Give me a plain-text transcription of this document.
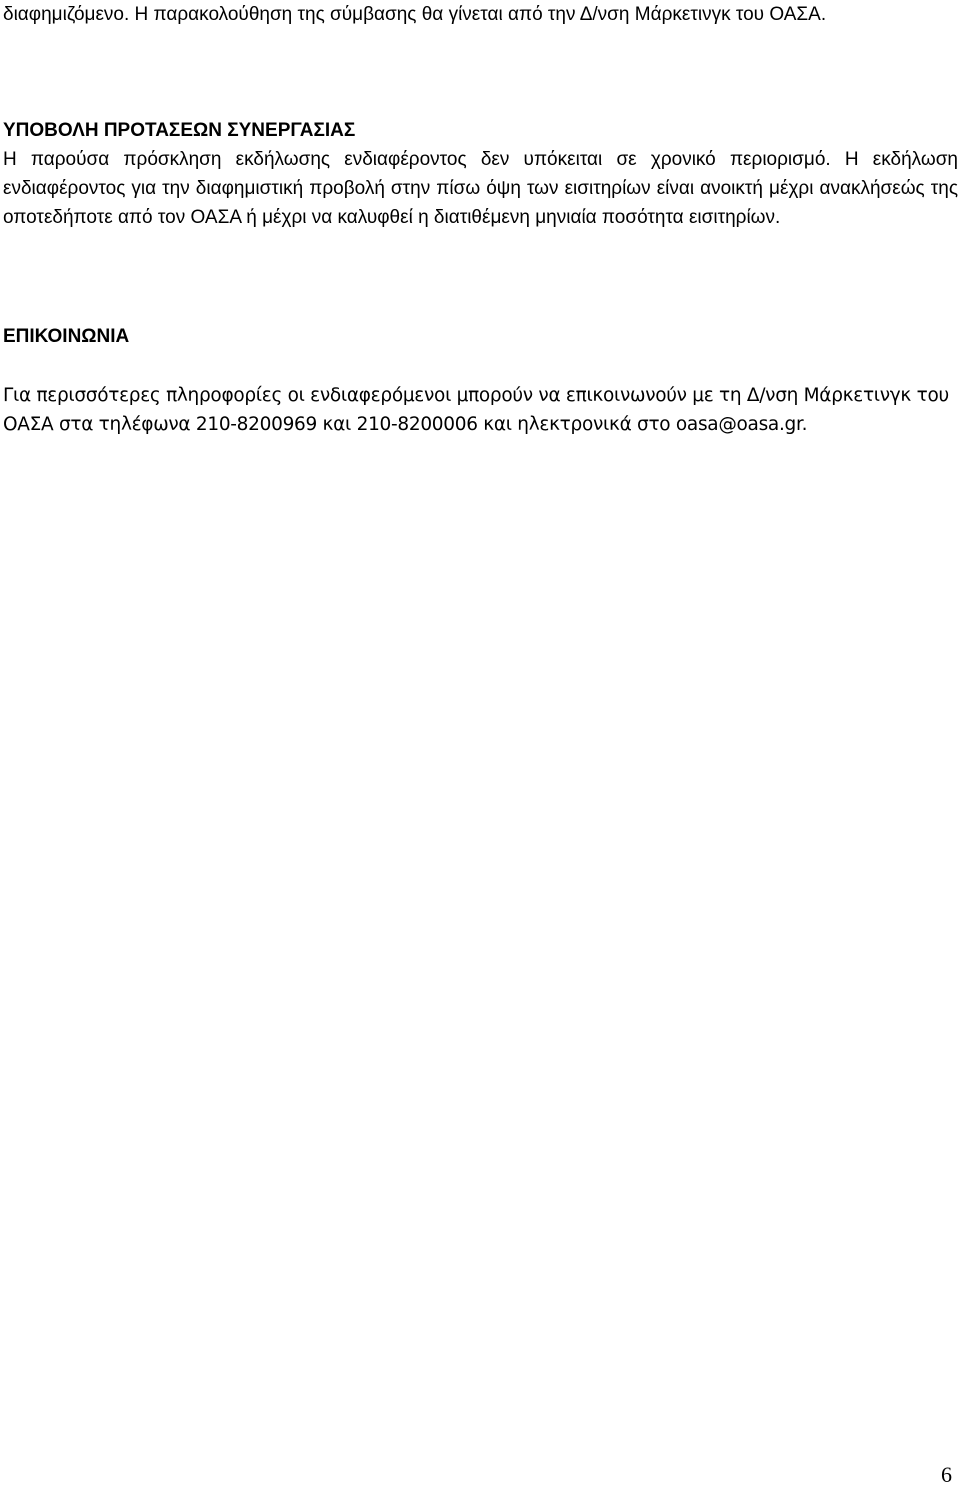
διαφημιζόμενο. Η παρακολούθηση της σύμβασης θα γίνεται από την Δ/νση Μάρκετινγκ του ΟΑΣΑ.

ΥΠΟΒΟΛΗ ΠΡΟΤΑΣΕΩΝ ΣΥΝΕΡΓΑΣΙΑΣ

Η παρούσα πρόσκληση εκδήλωσης ενδιαφέροντος δεν υπόκειται σε χρονικό περιορισμό. Η εκδήλωση ενδιαφέροντος για την διαφημιστική προβολή στην πίσω όψη των εισιτηρίων είναι ανοικτή μέχρι ανακλήσεώς της οποτεδήποτε από τον ΟΑΣΑ ή μέχρι να καλυφθεί η διατιθέμενη μηνιαία ποσότητα εισιτηρίων.

ΕΠΙΚΟΙΝΩΝΙΑ

Για περισσότερες πληροφορίες οι ενδιαφερόμενοι μπορούν να επικοινωνούν με τη Δ/νση Μάρκετινγκ του ΟΑΣΑ στα τηλέφωνα 210-8200969 και 210-8200006 και ηλεκτρονικά στο oasa@oasa.gr.

6
